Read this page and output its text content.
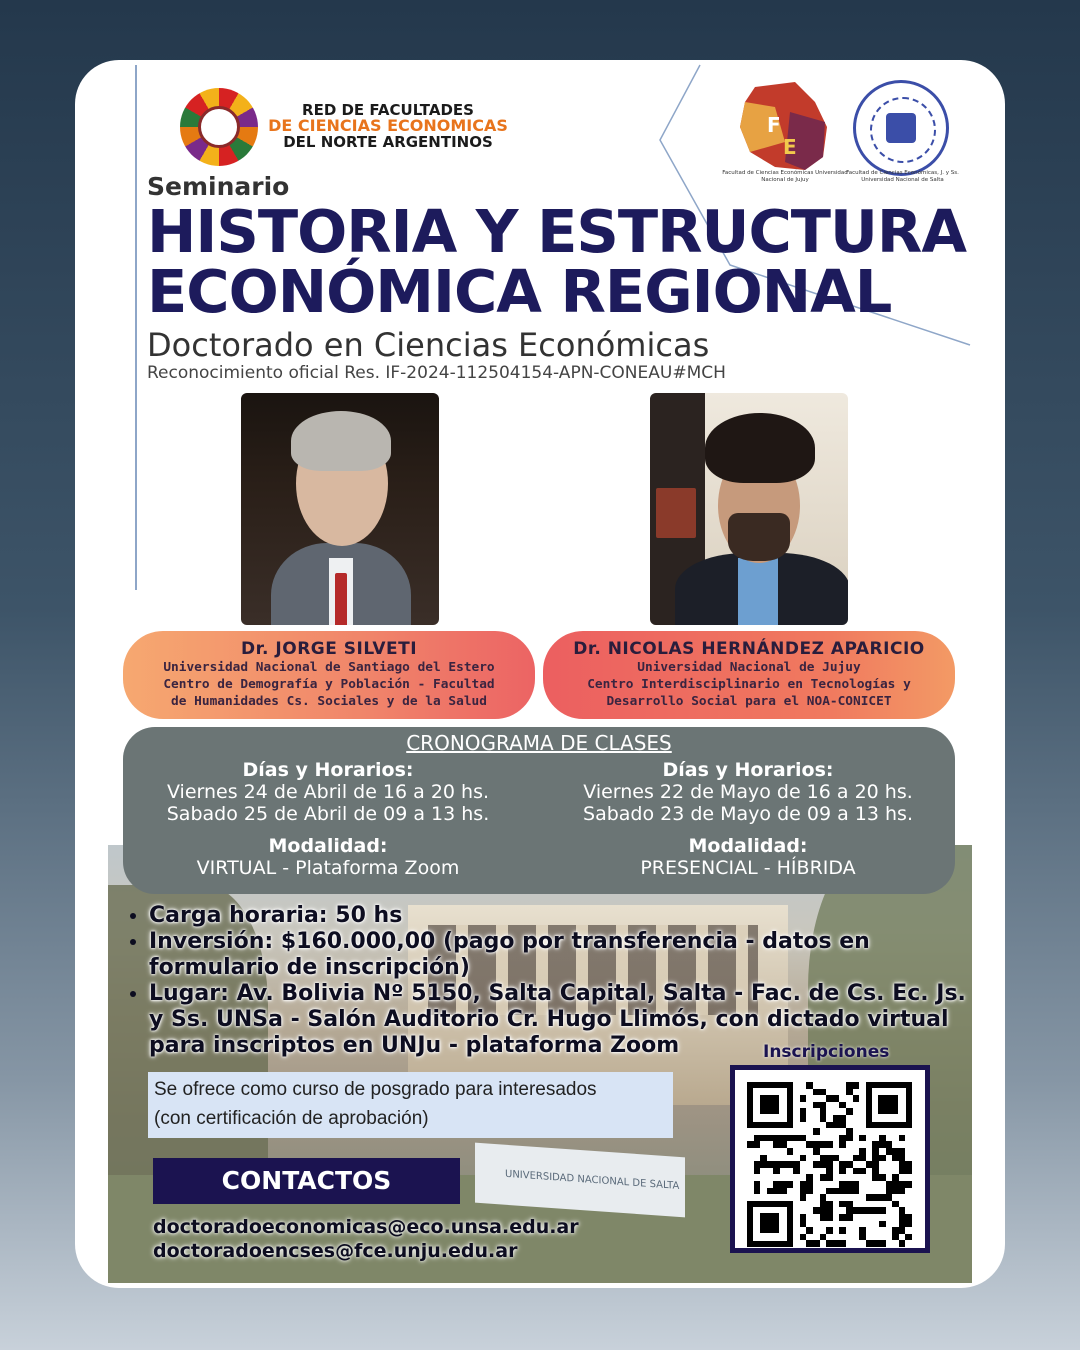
RED DE FACULTADES
DE CIENCIAS ECONOMICAS
DEL NORTE ARGENTINOS
F
E
Facultad de Ciencias Económicas Universidad Nacional de Jujuy
Facultad de Ciencias Económicas, J. y Ss. Universidad Nacional de Salta
Seminario
HISTORIA Y ESTRUCTURA
ECONÓMICA REGIONAL
Doctorado en Ciencias Económicas
Reconocimiento oficial Res. IF-2024-112504154-APN-CONEAU#MCH
Dr. JORGE SILVETI
Universidad Nacional de Santiago del Estero
Centro de Demografía y Población - Facultad
de Humanidades Cs. Sociales y de la Salud
Dr. NICOLAS HERNÁNDEZ APARICIO
Universidad Nacional de Jujuy
Centro Interdisciplinario en Tecnologías y
Desarrollo Social para el NOA-CONICET
UNIVERSIDAD NACIONAL DE SALTA
CRONOGRAMA DE CLASES
Días y Horarios:
Viernes 24 de Abril de 16 a 20 hs.
Sabado 25 de Abril de 09 a 13 hs.
Modalidad:
VIRTUAL - Plataforma Zoom
Días y Horarios:
Viernes 22 de Mayo de 16 a 20 hs.
Sabado 23 de Mayo de 09 a 13 hs.
Modalidad:
PRESENCIAL - HÍBRIDA
• Carga horaria: 50 hs
• Inversión: $160.000,00 (pago por transferencia - datos en formulario de inscripción)
• Lugar: Av. Bolivia Nº 5150, Salta Capital, Salta - Fac. de Cs. Ec. Js. y Ss. UNSa - Salón Auditorio Cr. Hugo Llimós, con dictado virtual para inscriptos en UNJu - plataforma Zoom
Se ofrece como curso de posgrado para interesados
(con certificación de aprobación)
CONTACTOS
doctoradoeconomicas@eco.unsa.edu.ar
doctoradoencses@fce.unju.edu.ar
Inscripciones
